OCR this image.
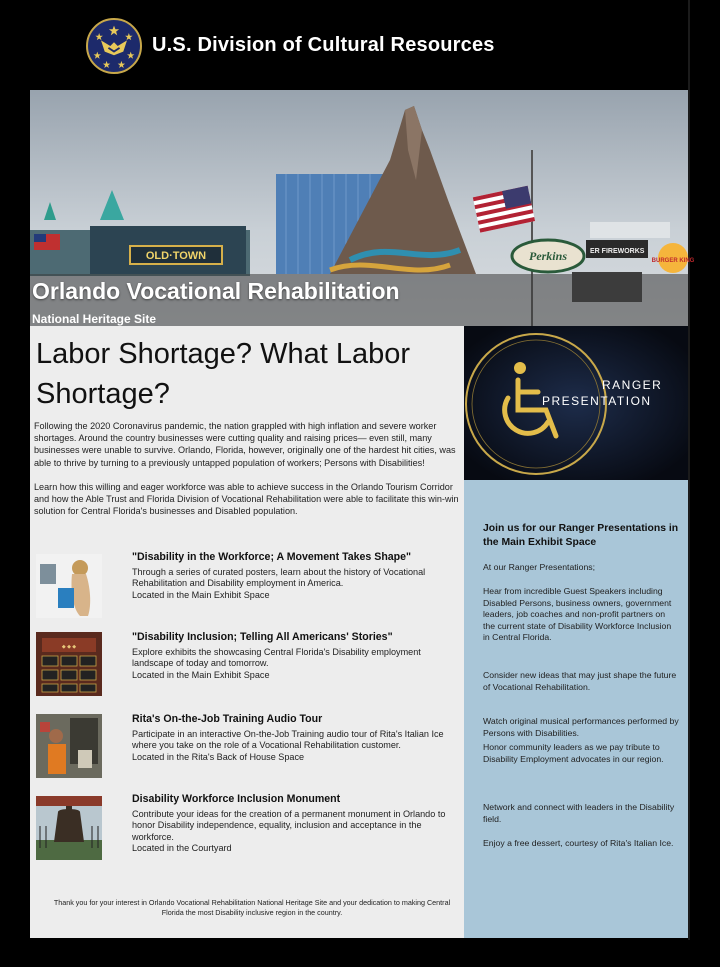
U.S. Division of Cultural Resources
OLD·TOWN	Perkins	ER FIREWORKS
BURGER KING
Orlando Vocational Rehabilitation
National Heritage Site
Labor Shortage? What Labor Shortage?

Following the 2020 Coronavirus pandemic, the nation grappled with high inflation and severe worker shortages. Around the country businesses were cutting quality and raising prices— even still, many businesses were unable to survive. Orlando, Florida, however, originally one of the hardest hit cities, was able to thrive by turning to a previously untapped population of workers; Persons with Disabilities!

Learn how this willing and eager workforce was able to achieve success in the Orlando Tourism Corridor and how the Able Trust and Florida Division of Vocational Rehabilitation were able to facilitate this win-win solution for Central Florida's businesses and Disabled population.

"Disability in the Workforce; A Movement Takes Shape"
Through a series of curated posters, learn about the history of Vocational Rehabilitation and Disability employment in America.
Located in the Main Exhibit Space
◆ ◆ ◆
"Disability Inclusion; Telling All Americans' Stories"
Explore exhibits the showcasing Central Florida's Disability employment landscape of today and tomorrow.
Located in the Main Exhibit Space
Rita's On-the-Job Training Audio Tour
Participate in an interactive On-the-Job Training audio tour of Rita's Italian Ice where you take on the role of a Vocational Rehabilitation customer.
Located in the Rita's Back of House Space
Disability Workforce Inclusion Monument
Contribute your ideas for the creation of a permanent monument in Orlando to honor Disability independence, equality, inclusion and acceptance in the workforce.
Located in the Courtyard
Thank you for your interest in Orlando Vocational Rehabilitation National Heritage Site and your dedication to making Central Florida the most Disability inclusive region in the country.
RANGER
PRESENTATION
Join us for our Ranger Presentations in the Main Exhibit Space
At our Ranger Presentations;
Hear from incredible Guest Speakers including Disabled Persons, business owners, government leaders, job coaches and non-profit partners on the current state of Disability Workforce Inclusion in Central Florida.
Consider new ideas that may just shape the future of Vocational Rehabilitation.
Watch original musical performances performed by Persons with Disabilities.
Honor community leaders as we pay tribute to Disability Employment advocates in our region.
Network and connect with leaders in the Disability field.
Enjoy a free dessert, courtesy of Rita's Italian Ice.
